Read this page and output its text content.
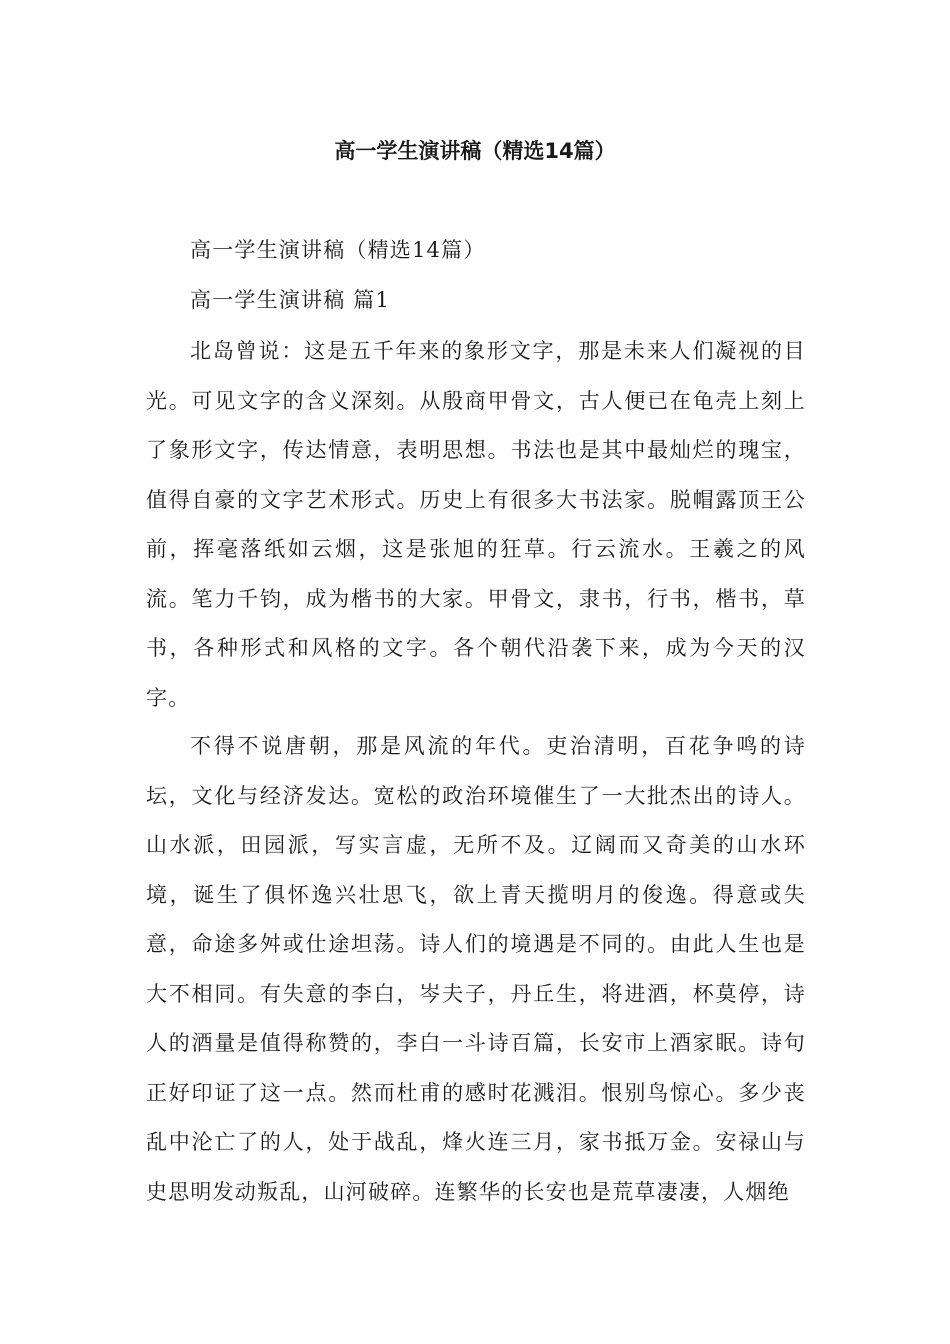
高一学生演讲稿（精选14篇）

高一学生演讲稿（精选14篇）

高一学生演讲稿 篇1

北岛曾说：这是五千年来的象形文字，那是未来人们凝视的目光。可见文字的含义深刻。从殷商甲骨文，古人便已在龟壳上刻上了象形文字，传达情意，表明思想。书法也是其中最灿烂的瑰宝，值得自豪的文字艺术形式。历史上有很多大书法家。脱帽露顶王公前，挥毫落纸如云烟，这是张旭的狂草。行云流水。王羲之的风流。笔力千钧，成为楷书的大家。甲骨文，隶书，行书，楷书，草书，各种形式和风格的文字。各个朝代沿袭下来，成为今天的汉字。

不得不说唐朝，那是风流的年代。吏治清明，百花争鸣的诗坛，文化与经济发达。宽松的政治环境催生了一大批杰出的诗人。山水派，田园派，写实言虚，无所不及。辽阔而又奇美的山水环境，诞生了俱怀逸兴壮思飞，欲上青天揽明月的俊逸。得意或失意，命途多舛或仕途坦荡。诗人们的境遇是不同的。由此人生也是大不相同。有失意的李白，岑夫子，丹丘生，将进酒，杯莫停，诗人的酒量是值得称赞的，李白一斗诗百篇，长安市上酒家眠。诗句正好印证了这一点。然而杜甫的感时花溅泪。恨别鸟惊心。多少丧乱中沦亡了的人，处于战乱，烽火连三月，家书抵万金。安禄山与史思明发动叛乱，山河破碎。连繁华的长安也是荒草凄凄，人烟绝
